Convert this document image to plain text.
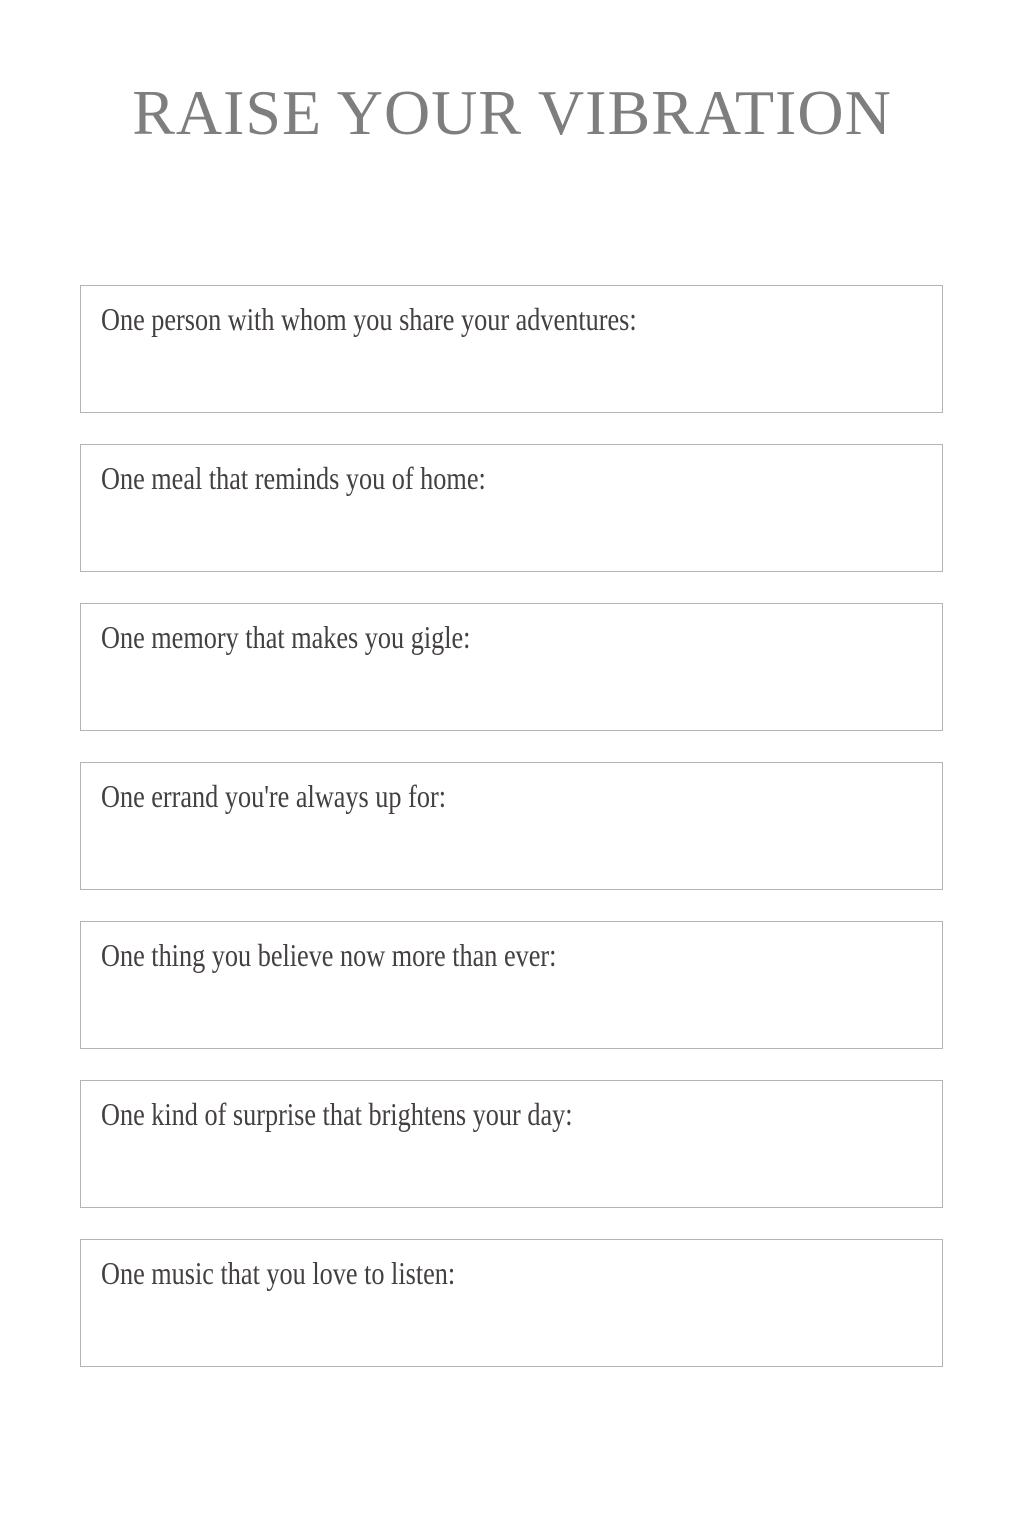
RAISE YOUR VIBRATION
One person with whom you share your adventures:
One meal that reminds you of home:
One memory that makes you gigle:
One errand you're always up for:
One thing you believe now more than ever:
One kind of surprise that brightens your day:
One music that you love to listen:
